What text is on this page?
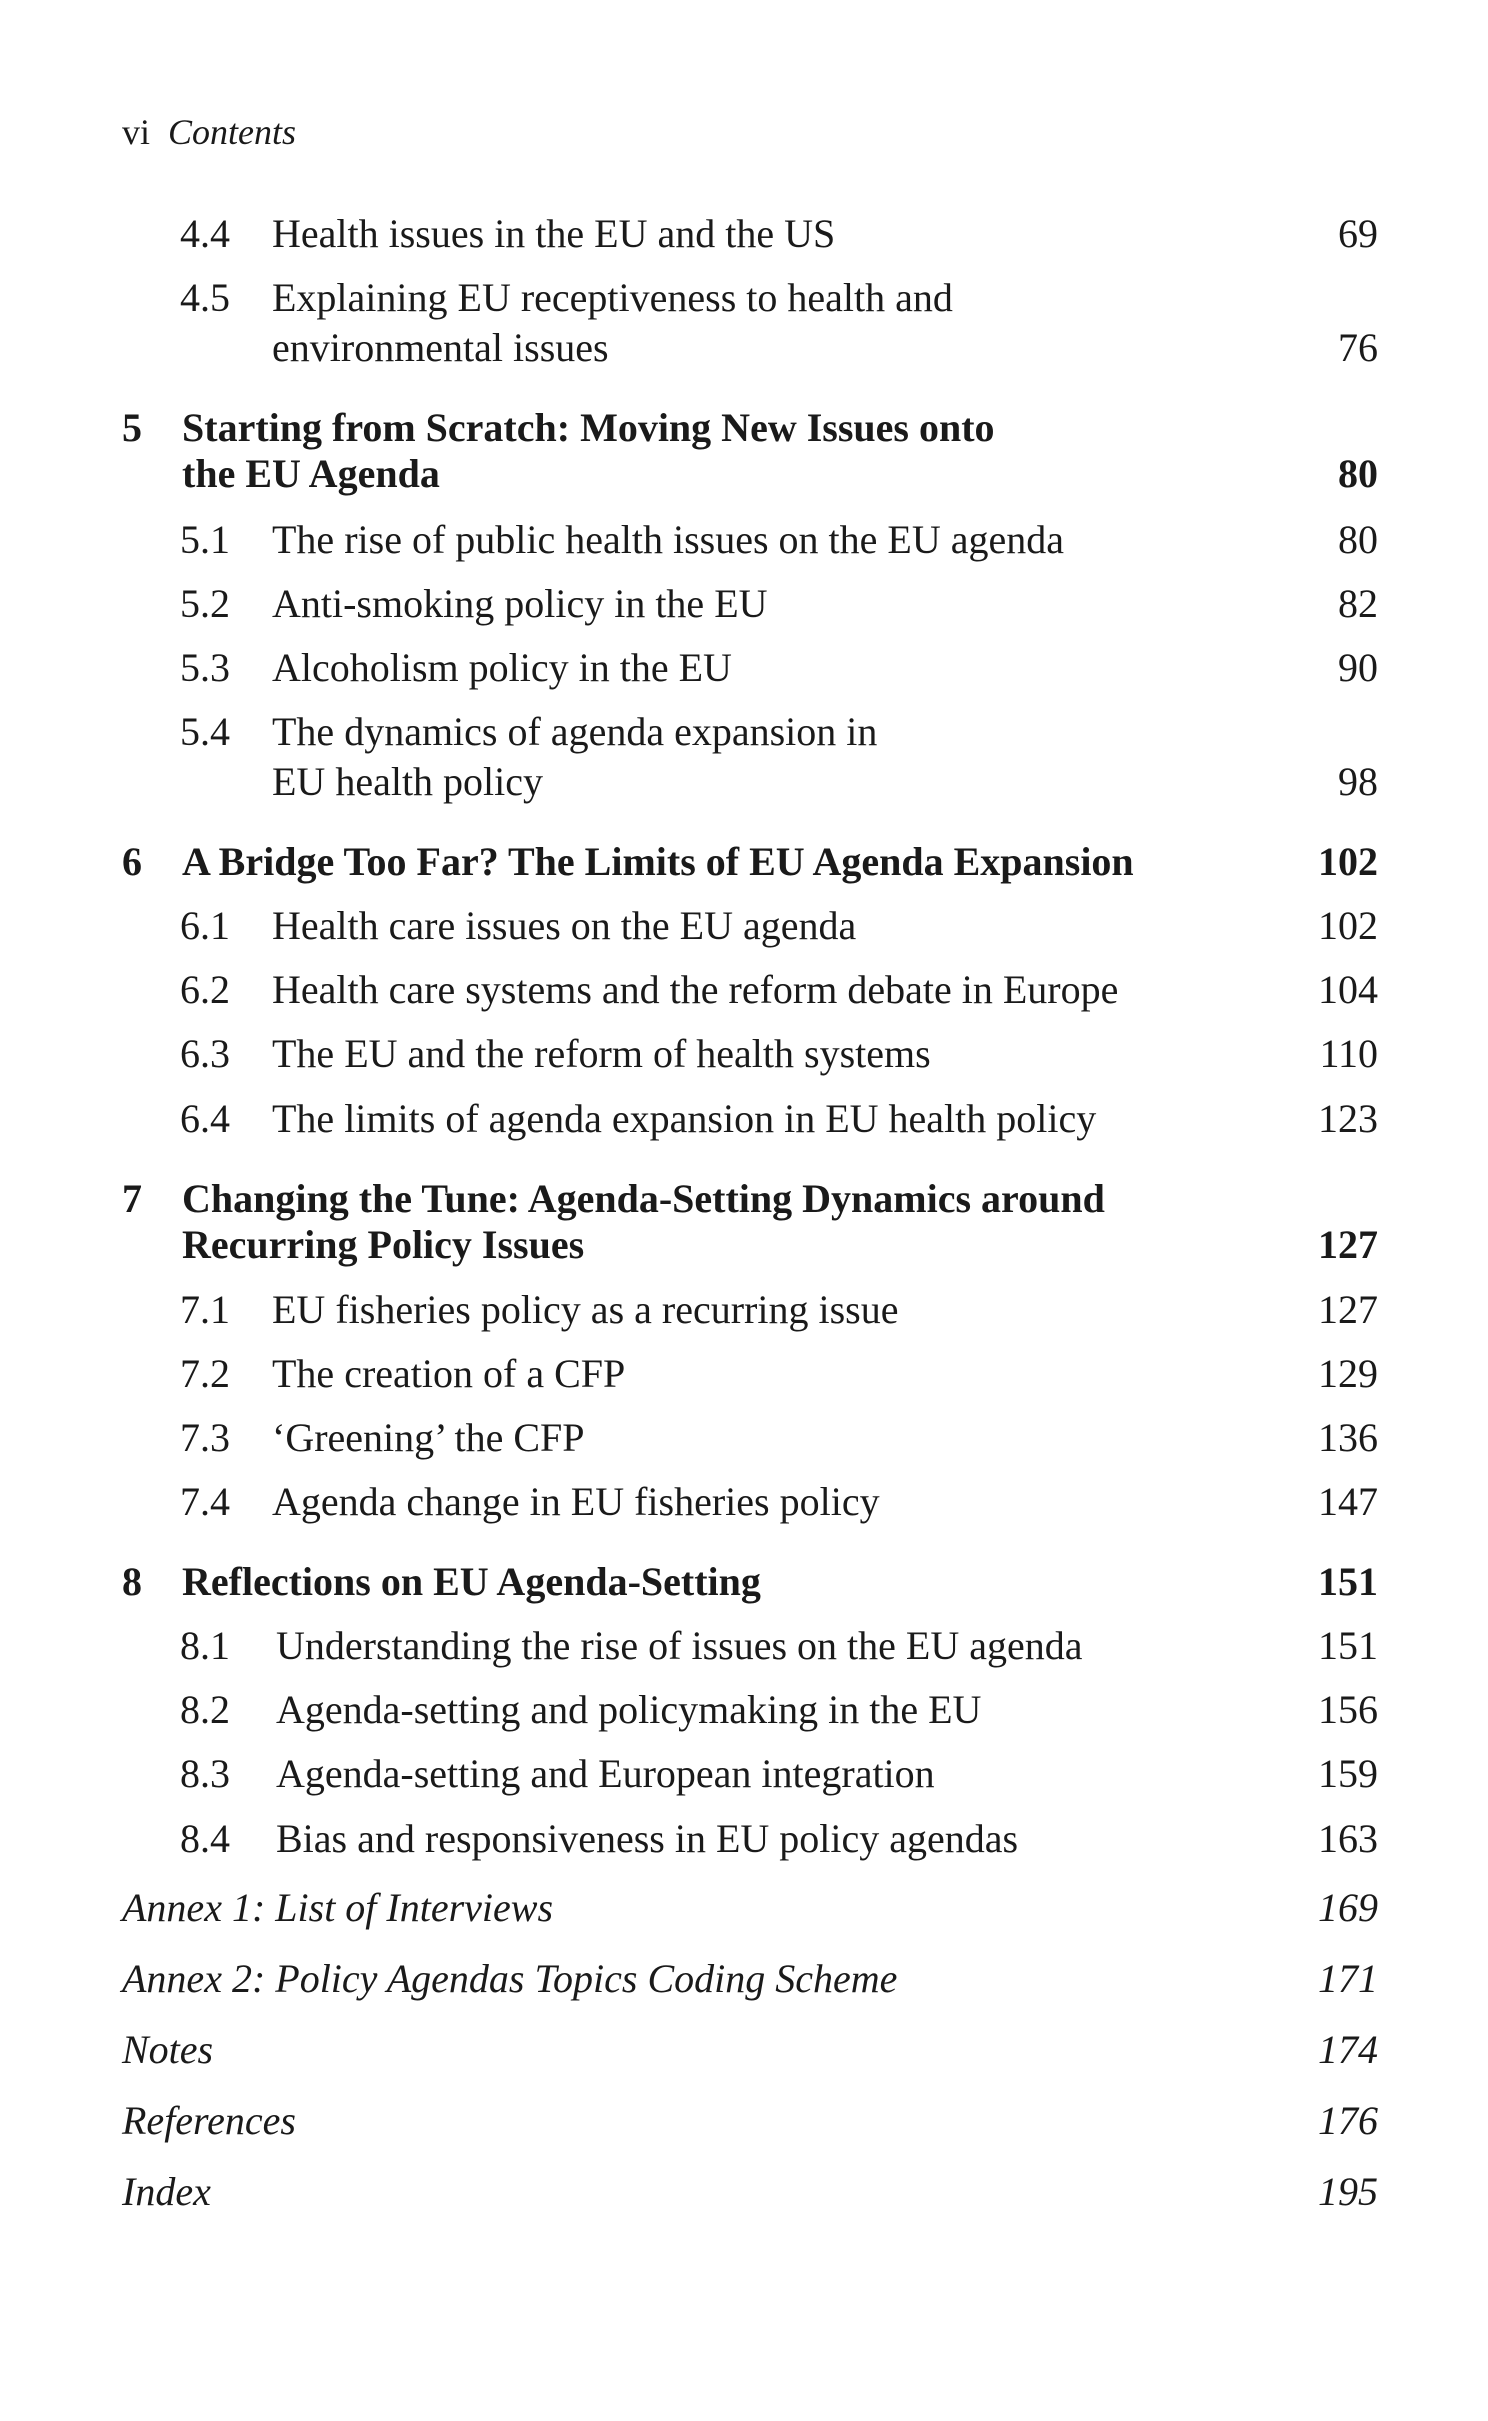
vi Contents
4.4 Health issues in the EU and the US	69
4.5 Explaining EU receptiveness to health and
environmental issues	76
5 Starting from Scratch: Moving New Issues onto
the EU Agenda	80
5.1 The rise of public health issues on the EU agenda	80
5.2 Anti-smoking policy in the EU	82
5.3 Alcoholism policy in the EU	90
5.4 The dynamics of agenda expansion in
EU health policy	98
6 A Bridge Too Far? The Limits of EU Agenda Expansion	102
6.1 Health care issues on the EU agenda	102
6.2 Health care systems and the reform debate in Europe	104
6.3 The EU and the reform of health systems	110
6.4 The limits of agenda expansion in EU health policy	123
7 Changing the Tune: Agenda-Setting Dynamics around
Recurring Policy Issues	127
7.1 EU fisheries policy as a recurring issue	127
7.2 The creation of a CFP	129
7.3 ‘Greening’ the CFP	136
7.4 Agenda change in EU fisheries policy	147
8 Reflections on EU Agenda-Setting	151
8.1 Understanding the rise of issues on the EU agenda	151
8.2 Agenda-setting and policymaking in the EU	156
8.3 Agenda-setting and European integration	159
8.4 Bias and responsiveness in EU policy agendas	163
Annex 1: List of Interviews	169
Annex 2: Policy Agendas Topics Coding Scheme	171
Notes	174
References	176
Index	195
